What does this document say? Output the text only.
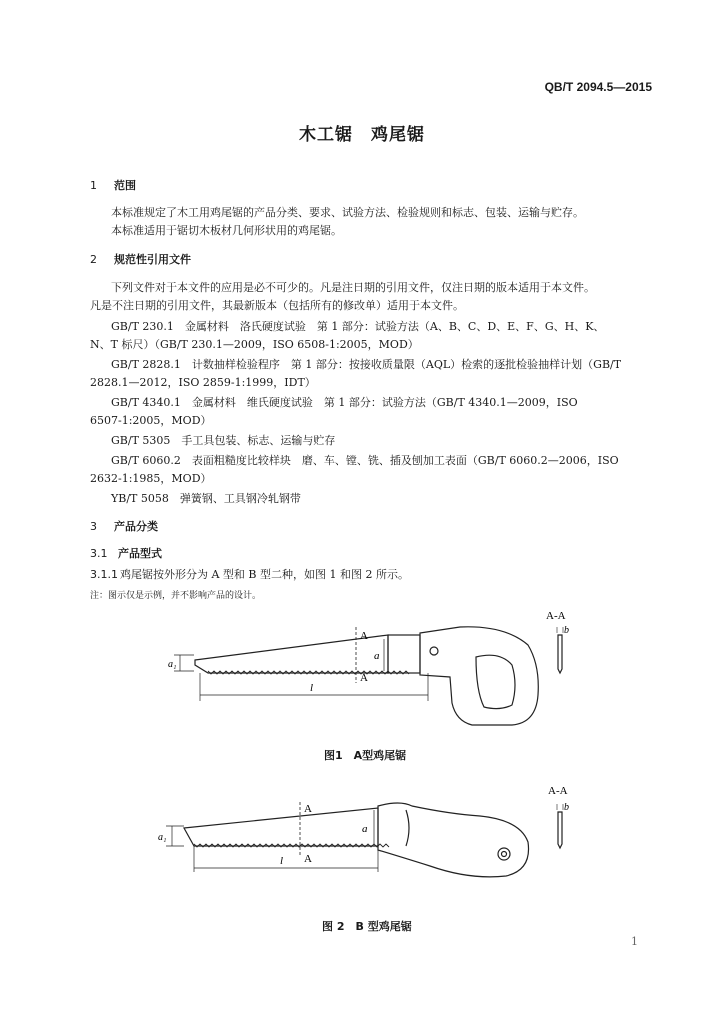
QB/T 2094.5—2015
木工锯　鸡尾锯
1 范围
本标准规定了木工用鸡尾锯的产品分类、要求、试验方法、检验规则和标志、包装、运输与贮存。
本标准适用于锯切木板材几何形状用的鸡尾锯。
2 规范性引用文件
下列文件对于本文件的应用是必不可少的。凡是注日期的引用文件，仅注日期的版本适用于本文件。
凡是不注日期的引用文件，其最新版本（包括所有的修改单）适用于本文件。
GB/T 230.1　金属材料　洛氏硬度试验　第 1 部分：试验方法（A、B、C、D、E、F、G、H、K、
N、T 标尺）（GB/T 230.1—2009，ISO 6508-1:2005，MOD）
GB/T 2828.1　计数抽样检验程序　第 1 部分：按接收质量限（AQL）检索的逐批检验抽样计划（GB/T
2828.1—2012，ISO 2859-1:1999，IDT）
GB/T 4340.1　金属材料　维氏硬度试验　第 1 部分：试验方法（GB/T 4340.1—2009，ISO
6507-1:2005，MOD）
GB/T 5305　手工具包装、标志、运输与贮存
GB/T 6060.2　表面粗糙度比较样块　磨、车、镗、铣、插及刨加工表面（GB/T 6060.2—2006，ISO
2632-1:1985，MOD）
YB/T 5058　弹簧钢、工具钢冷轧钢带
3 产品分类
3.1 产品型式
3.1.1 鸡尾锯按外形分为 A 型和 B 型二种，如图 1 和图 2 所示。
注：图示仅是示例，并不影响产品的设计。
A
A
l
a
a₁
A-A
b
图1　A型鸡尾锯
A
A
l
a
a₁
A-A
b
图 2　B 型鸡尾锯
1
